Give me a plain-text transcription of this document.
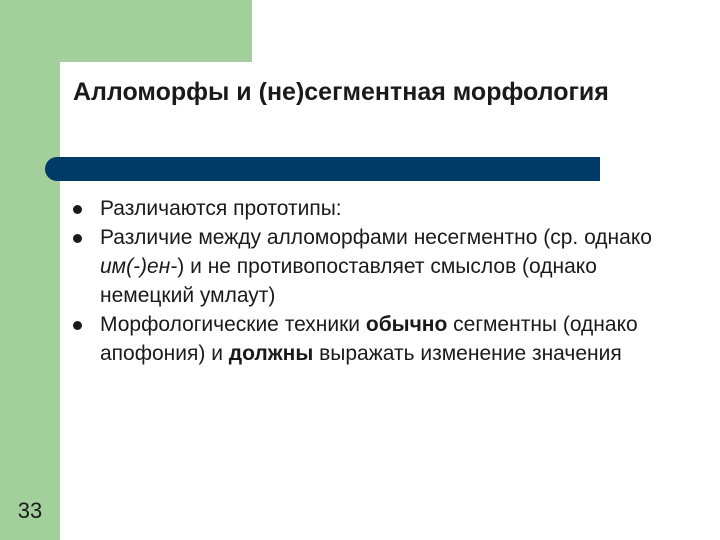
Алломорфы и (не)сегментная морфология
Различаются прототипы:
Различие между алломорфами несегментно (ср. однако им(-)ен-) и не противопоставляет смыслов (однако немецкий умлаут)
Морфологические техники обычно сегментны (однако апофония) и должны выражать изменение значения
33
